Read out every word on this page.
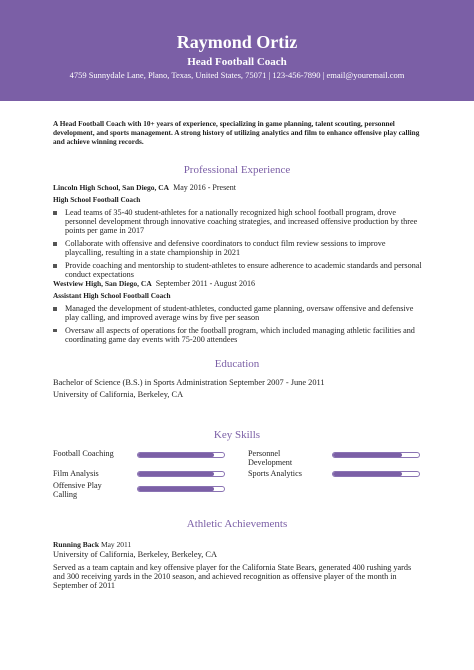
Raymond Ortiz
Head Football Coach
4759 Sunnydale Lane, Plano, Texas, United States, 75071 | 123-456-7890 | email@youremail.com
A Head Football Coach with 10+ years of experience, specializing in game planning, talent scouting, personnel development, and sports management. A strong history of utilizing analytics and film to enhance offensive play calling and achieve winning records.
Professional Experience
Lincoln High School, San Diego, CA May 2016 - Present
High School Football Coach
Lead teams of 35-40 student-athletes for a nationally recognized high school football program, drove personnel development through innovative coaching strategies, and increased offensive production by three points per game in 2017
Collaborate with offensive and defensive coordinators to conduct film review sessions to improve playcalling, resulting in a state championship in 2021
Provide coaching and mentorship to student-athletes to ensure adherence to academic standards and personal conduct expectations
Westview High, San Diego, CA September 2011 - August 2016
Assistant High School Football Coach
Managed the development of student-athletes, conducted game planning, oversaw offensive and defensive play calling, and improved average wins by five per season
Oversaw all aspects of operations for the football program, which included managing athletic facilities and coordinating game day events with 75-200 attendees
Education
Bachelor of Science (B.S.) in Sports Administration September 2007 - June 2011
University of California, Berkeley, CA
Key Skills
Football Coaching	Personnel Development
Film Analysis	Sports Analytics
Offensive Play Calling
Athletic Achievements
Running Back May 2011
University of California, Berkeley, Berkeley, CA
Served as a team captain and key offensive player for the California State Bears, generated 400 rushing yards and 300 receiving yards in the 2010 season, and achieved recognition as offensive player of the month in September of 2011
